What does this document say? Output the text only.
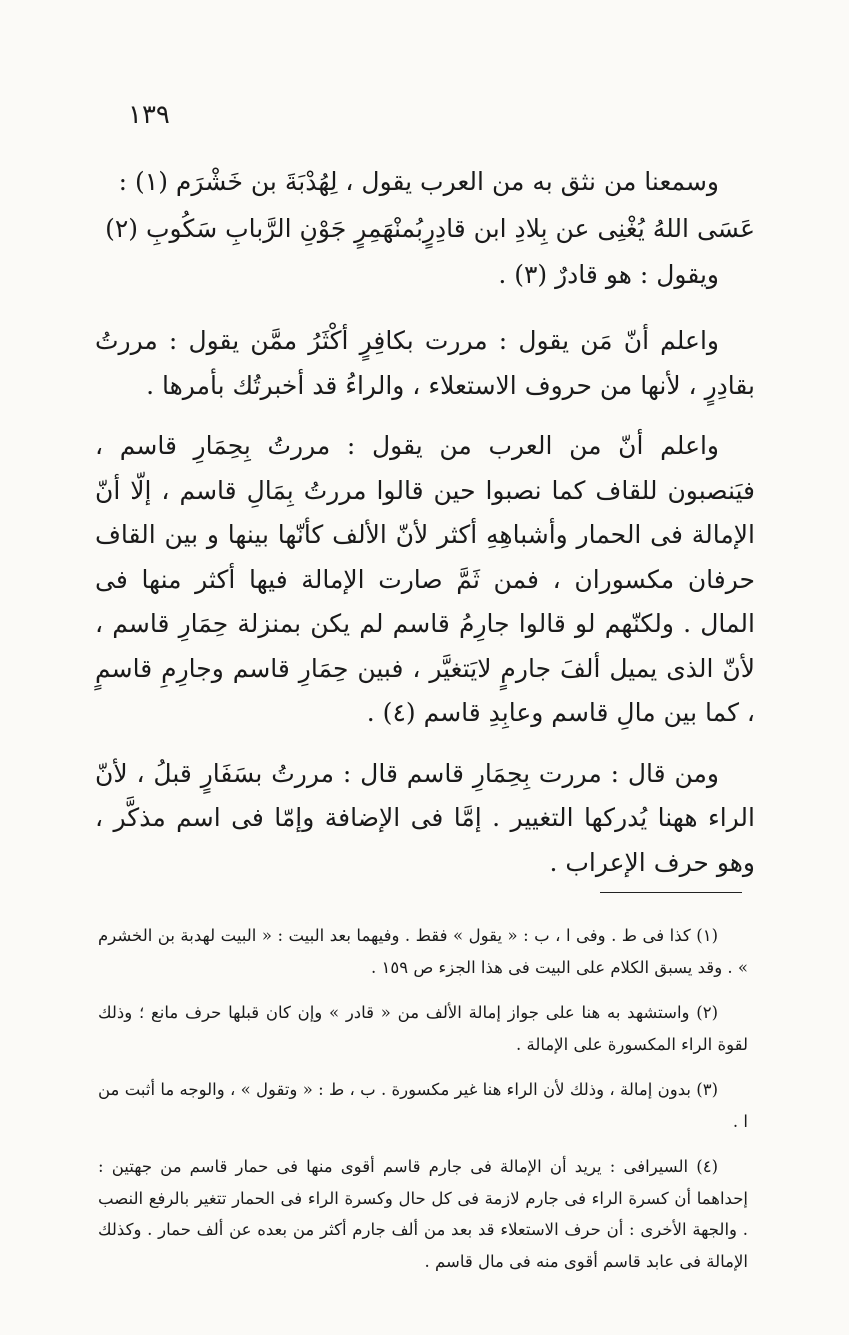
١٣٩

وسمعنا من نثق به من العرب يقول ، لِهُدْبَةَ بن خَشْرَم (١) :

عَسَى اللهُ يُغْنِى عن بِلادِ ابن قادِرٍ
بُمنْهَمِرٍ جَوْنِ الرَّبابِ سَكُوبِ (٢)

ويقول : هو قادرٌ (٣) .

واعلم أنّ مَن يقول : مررت بكافِرٍ أكْثَرُ ممَّن يقول : مررتُ بقادِرٍ ، لأنها من حروف الاستعلاء ، والراءُ قد أخبرتُك بأمرها .

واعلم أنّ من العرب من يقول : مررتُ بِحِمَارِ قاسم ، فيَنصبون للقاف كما نصبوا حين قالوا مررتُ بِمَالِ قاسم ، إلّا أنّ الإمالة فى الحمار وأشباهِهِ أكثر لأنّ الألف كأنّها بينها و بين القاف حرفان مكسوران ، فمن ثَمَّ صارت الإمالة فيها أكثر منها فى المال . ولكنّهم لو قالوا جارِمُ قاسم لم يكن بمنزلة حِمَارِ قاسم ، لأنّ الذى يميل ألفَ جارمٍ لايَتغيَّر ، فبين حِمَارِ قاسم وجارِمِ قاسمٍ ، كما بين مالِ قاسم وعابِدِ قاسم (٤) .

ومن قال : مررت بِحِمَارِ قاسم قال : مررتُ بسَفَارٍ قبلُ ، لأنّ الراء ههنا يُدركها التغيير . إمَّا فى الإضافة وإمّا فى اسم مذكَّر ، وهو حرف الإعراب .

(١) كذا فى ط . وفى ا ، ب : « يقول » فقط . وفيهما بعد البيت : « البيت لهدبة بن الخشرم » . وقد يسبق الكلام على البيت فى هذا الجزء ص ١٥٩ .

(٢) واستشهد به هنا على جواز إمالة الألف من « قادر » وإن كان قبلها حرف مانع ؛ وذلك لقوة الراء المكسورة على الإمالة .

(٣) بدون إمالة ، وذلك لأن الراء هنا غير مكسورة . ب ، ط : « وتقول » ، والوجه ما أثبت من ا .

(٤) السيرافى : يريد أن الإمالة فى جارم قاسم أقوى منها فى حمار قاسم من جهتين : إحداهما أن كسرة الراء فى جارم لازمة فى كل حال وكسرة الراء فى الحمار تتغير بالرفع النصب . والجهة الأخرى : أن حرف الاستعلاء قد بعد من ألف جارم أكثر من بعده عن ألف حمار . وكذلك الإمالة فى عابد قاسم أقوى منه فى مال قاسم .
